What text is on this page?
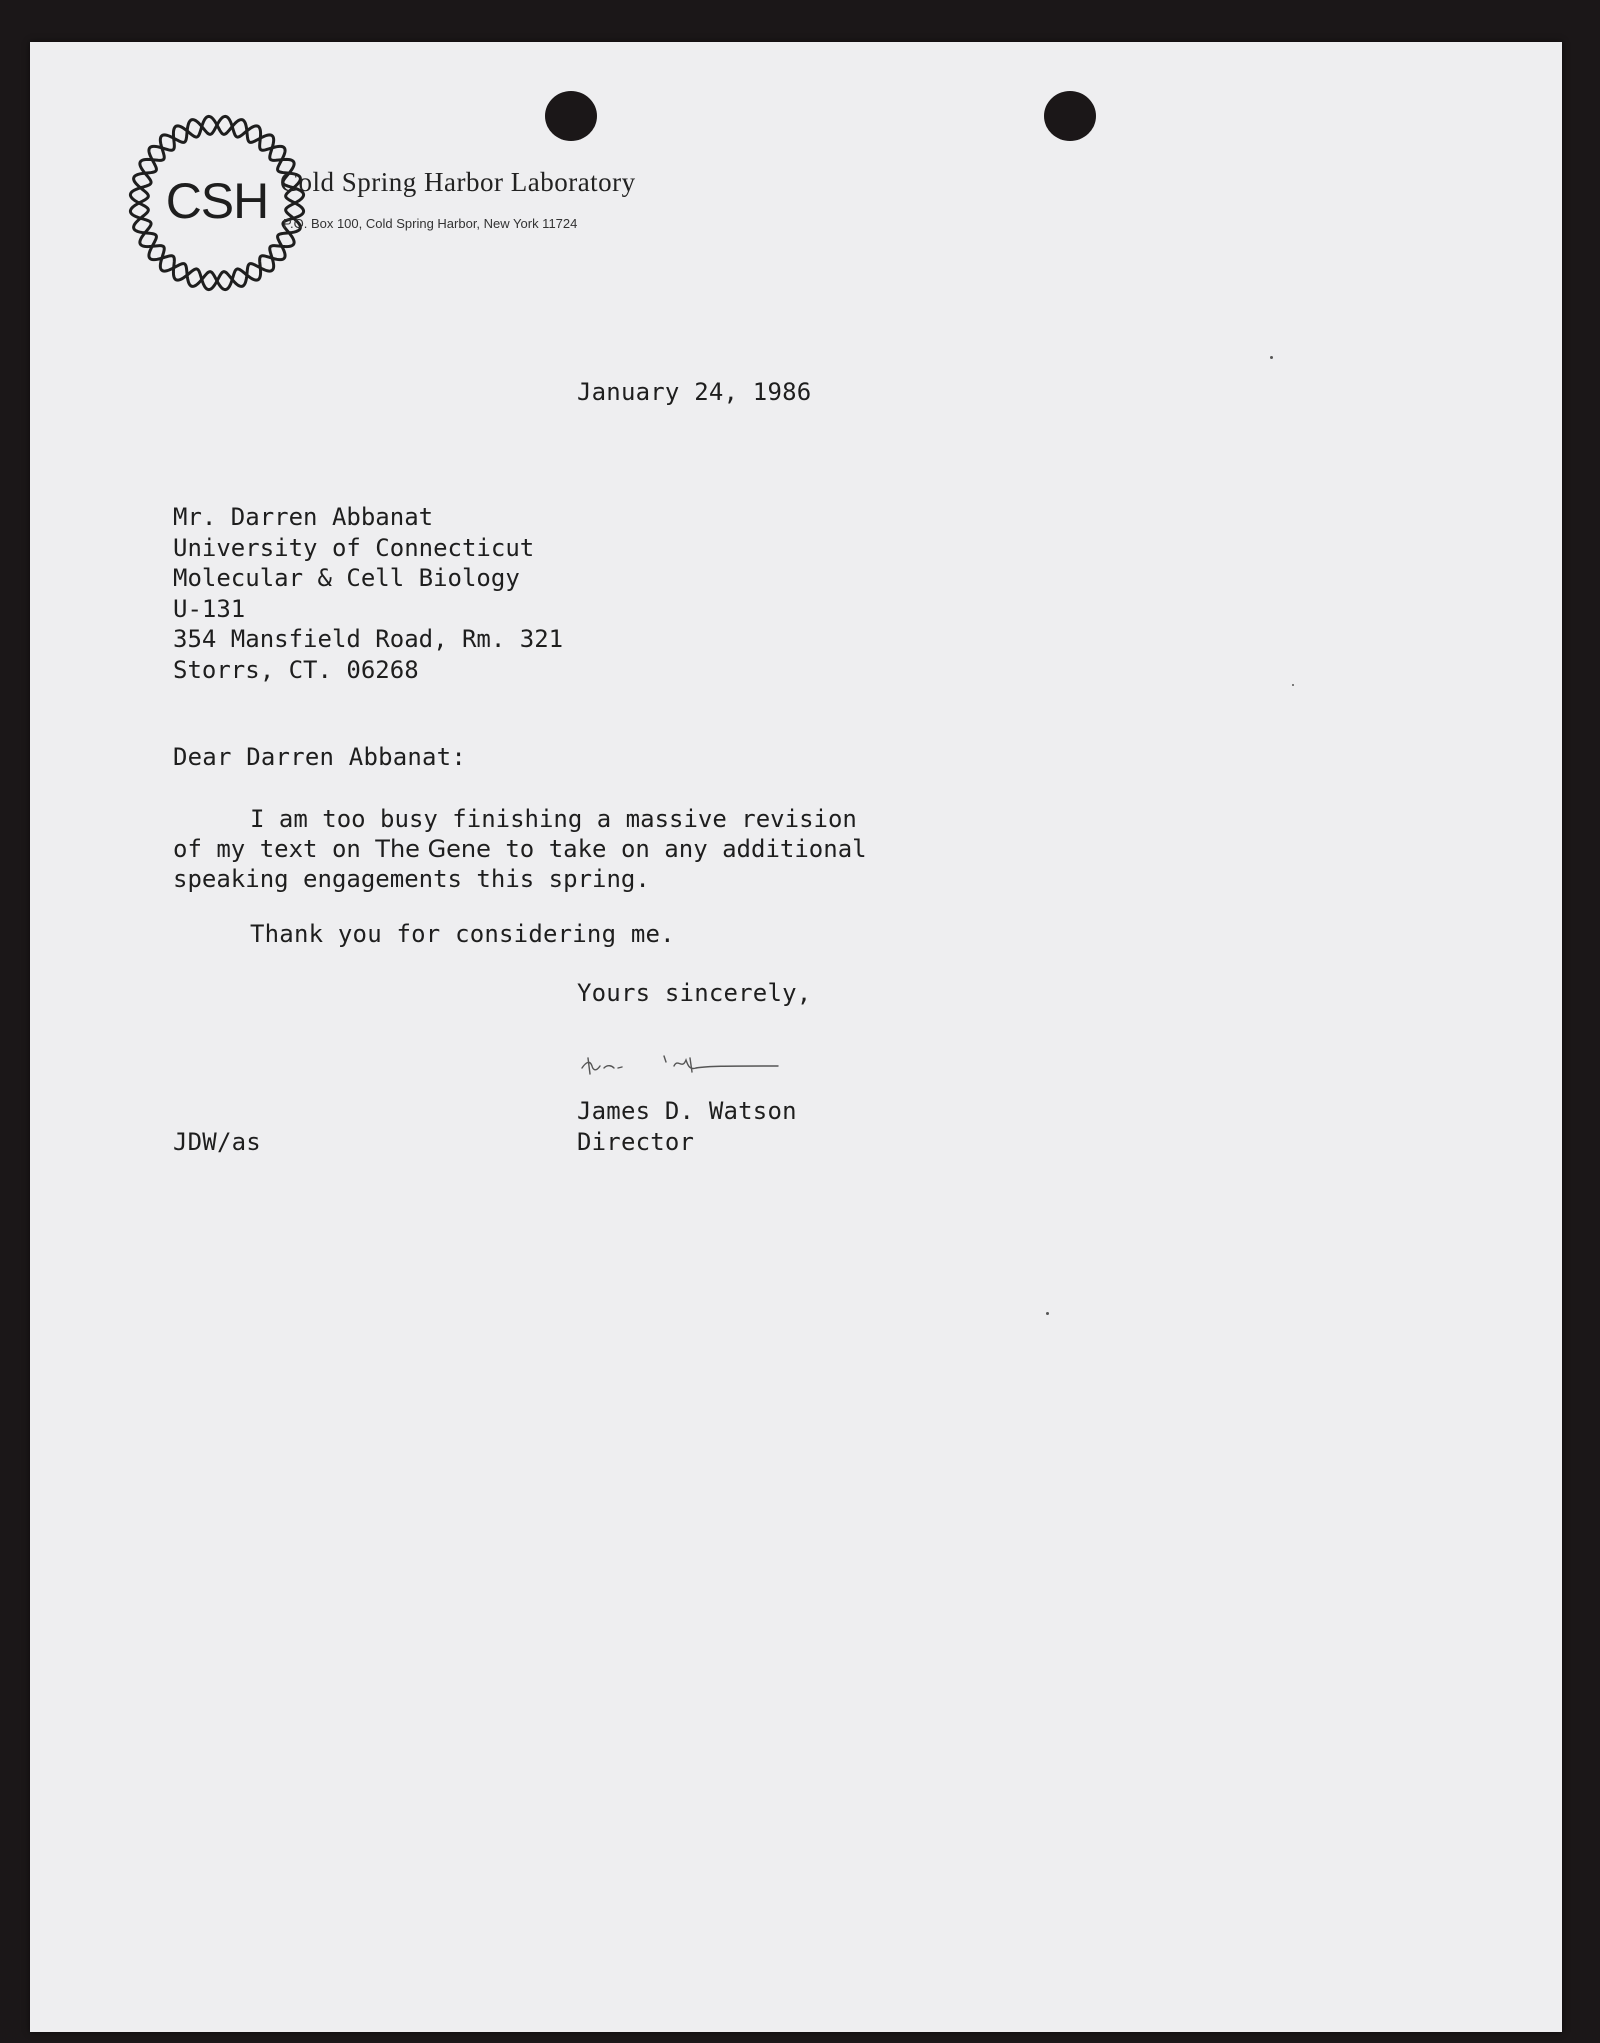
CSH Cold Spring Harbor Laboratory
P.O. Box 100, Cold Spring Harbor, New York 11724
January 24, 1986
Mr. Darren Abbanat
University of Connecticut
Molecular & Cell Biology
U-131
354 Mansfield Road, Rm. 321
Storrs, CT. 06268
Dear Darren Abbanat:
I am too busy finishing a massive revision
of my text on The Gene to take on any additional
speaking engagements this spring.
Thank you for considering me.
Yours sincerely,
James D. Watson
Director
JDW/as
